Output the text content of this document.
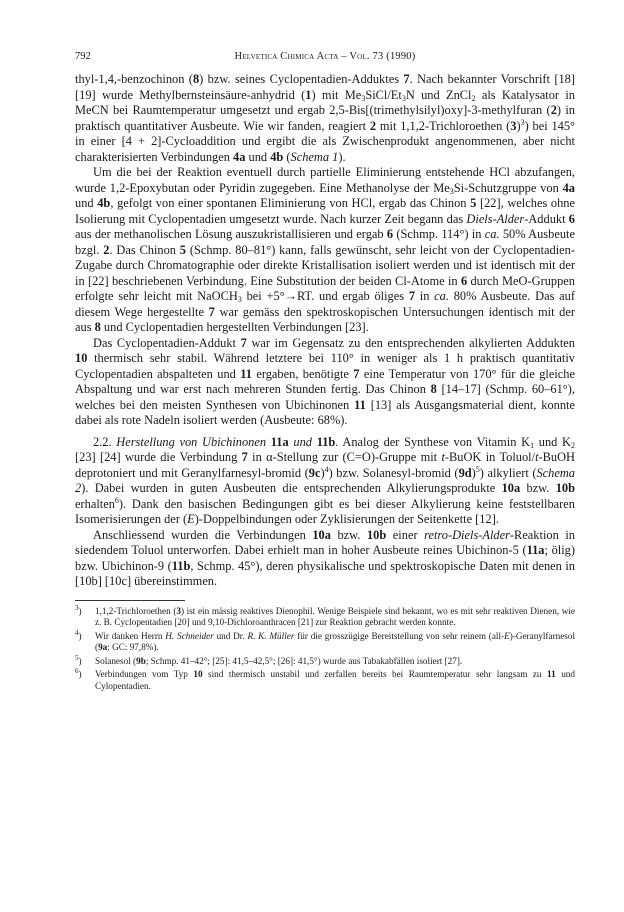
792	Helvetica Chimica Acta – Vol. 73 (1990)

thyl-1,4,-benzochinon (8) bzw. seines Cyclopentadien-Adduktes 7. Nach bekannter Vorschrift [18] [19] wurde Methylbernsteinsäure-anhydrid (1) mit $Me_3SiCl/Et_3N$ und ZnCl$_2$ als Katalysator in MeCN bei Raumtemperatur umgesetzt und ergab 2,5-Bis[(trimethylsilyl)oxy]-3-methylfuran (2) in praktisch quantitativer Ausbeute. Wie wir fanden, reagiert 2 mit 1,1,2-Trichloroethen $(3)^3$) bei 145° in einer [4 + 2]-Cycloaddition und ergibt die als Zwischenprodukt angenommenen, aber nicht charakterisierten Verbindungen 4a und 4b (Schema 1).

Um die bei der Reaktion eventuell durch partielle Eliminierung entstehende HCl abzufangen, wurde 1,2-Epoxybutan oder Pyridin zugegeben. Eine Methanolyse der $Me_3Si$-Schutzgruppe von 4a und 4b, gefolgt von einer spontanen Eliminierung von HCl, ergab das Chinon 5 [22], welches ohne Isolierung mit Cyclopentadien umgesetzt wurde. Nach kurzer Zeit begann das Diels-Alder-Addukt 6 aus der methanolischen Lösung auszukristallisieren und ergab 6 (Schmp. 114°) in ca. 50% Ausbeute bzgl. 2. Das Chinon 5 (Schmp. 80–81°) kann, falls gewünscht, sehr leicht von der Cyclopentadien-Zugabe durch Chromatographie oder direkte Kristallisation isoliert werden und ist identisch mit der in [22] beschriebenen Verbindung. Eine Substitution der beiden Cl-Atome in 6 durch MeO-Gruppen erfolgte sehr leicht mit NaOCH$_3$ bei +5°→RT. und ergab öliges 7 in ca. 80% Ausbeute. Das auf diesem Wege hergestellte 7 war gemäss den spektroskopischen Untersuchungen identisch mit der aus 8 und Cyclopentadien hergestellten Verbindungen [23].

Das Cyclopentadien-Addukt 7 war im Gegensatz zu den entsprechenden alkylierten Addukten 10 thermisch sehr stabil. Während letztere bei 110° in weniger als 1 h praktisch quantitativ Cyclopentadien abspalteten und 11 ergaben, benötigte 7 eine Temperatur von 170° für die gleiche Abspaltung und war erst nach mehreren Stunden fertig. Das Chinon 8 [14–17] (Schmp. 60–61°), welches bei den meisten Synthesen von Ubichinonen 11 [13] als Ausgangsmaterial dient, konnte dabei als rote Nadeln isoliert werden (Ausbeute: 68%).

2.2. Herstellung von Ubichinonen 11a und 11b. Analog der Synthese von Vitamin $K_1$ und $K_2$ [23] [24] wurde die Verbindung 7 in α-Stellung zur (C=O)-Gruppe mit t-BuOK in Toluol/t-BuOH deprotoniert und mit Geranylfarnesyl-bromid $(9c)^4$) bzw. Solanesyl-bromid $(9d)^5$) alkyliert (Schema 2). Dabei wurden in guten Ausbeuten die entsprechenden Alkylierungsprodukte 10a bzw. 10b erhalten$^6$). Dank den basischen Bedingungen gibt es bei dieser Alkylierung keine feststellbaren Isomerisierungen der (E)-Doppelbindungen oder Zyklisierungen der Seitenkette [12].

Anschliessend wurden die Verbindungen 10a bzw. 10b einer retro-Diels-Alder-Reaktion in siedendem Toluol unterworfen. Dabei erhielt man in hoher Ausbeute reines Ubichinon-5 (11a; ölig) bzw. Ubichinon-9 (11b, Schmp. 45°), deren physikalische und spektroskopische Daten mit denen in [10b] [10c] übereinstimmen.

$^3$) 1,1,2-Trichloroethen (3) ist ein mässig reaktives Dienophil. Wenige Beispiele sind bekannt, wo es mit sehr reaktiven Dienen, wie z. B. Cyclopentadien [20] und 9,10-Dichloroanthracen [21] zur Reaktion gebracht werden konnte.
$^4$) Wir danken Herrn H. Schneider und Dr. R. K. Müller für die grosszügige Bereitstellung von sehr reinem (all-E)-Geranylfarnesol (9a; GC: 97,8%).
$^5$) Solanesol (9b; Schmp. 41–42°; [25]: 41,5–42,5°; [26]: 41,5°) wurde aus Tabakabfällen isoliert [27].
$^6$) Verbindungen vom Typ 10 sind thermisch unstabil und zerfallen bereits bei Raumtemperatur sehr langsam zu 11 und Cylopentadien.
